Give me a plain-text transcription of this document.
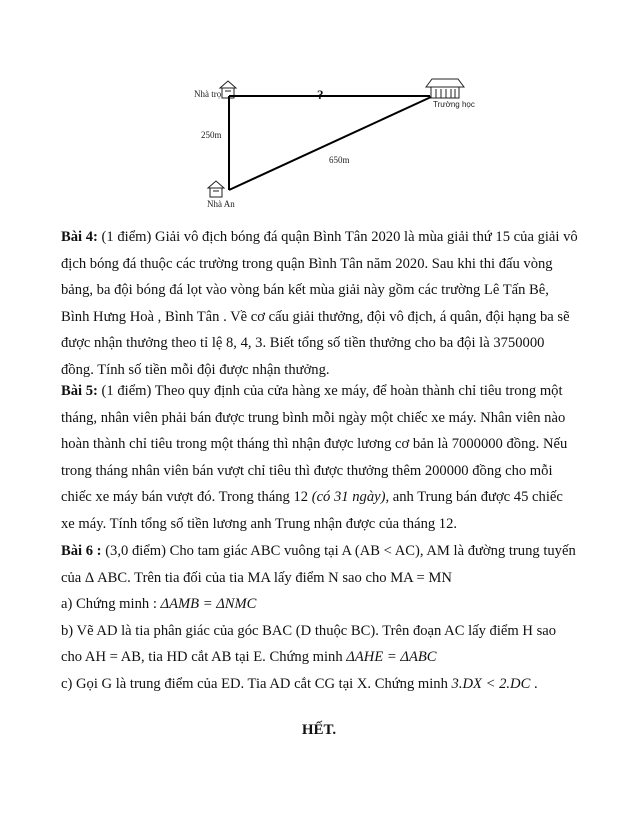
Nhà trọ	?
Trường học
250m
650m
Nhà An
Bài 4: (1 điểm) Giải vô địch bóng đá quận Bình Tân 2020 là mùa giải thứ 15 của giải vô
địch bóng đá thuộc các trường trong quận Bình Tân năm 2020. Sau khi thi đấu vòng
bảng, ba đội bóng đá lọt vào vòng bán kết mùa giải này gồm các trường Lê Tấn Bê,
Bình Hưng Hoà , Bình Tân . Về cơ cấu giải thưởng, đội vô địch, á quân, đội hạng ba sẽ
được nhận thưởng theo tỉ lệ 8, 4, 3. Biết tổng số tiền thưởng cho ba đội là 3750000
đồng. Tính số tiền mỗi đội được nhận thưởng.
Bài 5: (1 điểm) Theo quy định của cửa hàng xe máy, để hoàn thành chỉ tiêu trong một
tháng, nhân viên phải bán được trung bình mỗi ngày một chiếc xe máy. Nhân viên nào
hoàn thành chỉ tiêu trong một tháng thì nhận được lương cơ bản là 7000000 đồng. Nếu
trong tháng nhân viên bán vượt chỉ tiêu thì được thưởng thêm 200000 đồng cho mỗi
chiếc xe máy bán vượt đó. Trong tháng 12 (có 31 ngày), anh Trung bán được 45 chiếc
xe máy. Tính tổng số tiền lương anh Trung nhận được của tháng 12.
Bài 6 : (3,0 điểm) Cho tam giác ABC vuông tại A (AB < AC), AM là đường trung tuyến
của Δ ABC. Trên tia đối của tia MA lấy điểm N sao cho MA = MN
a) Chứng minh : ΔAMB = ΔNMC
b) Vẽ AD là tia phân giác của góc BAC (D thuộc BC). Trên đoạn AC lấy điểm H sao
cho AH = AB, tia HD cắt AB tại E. Chứng minh ΔAHE = ΔABC
c) Gọi G là trung điểm của ED. Tia AD cắt CG tại X. Chứng minh 3.DX < 2.DC .
HẾT.
